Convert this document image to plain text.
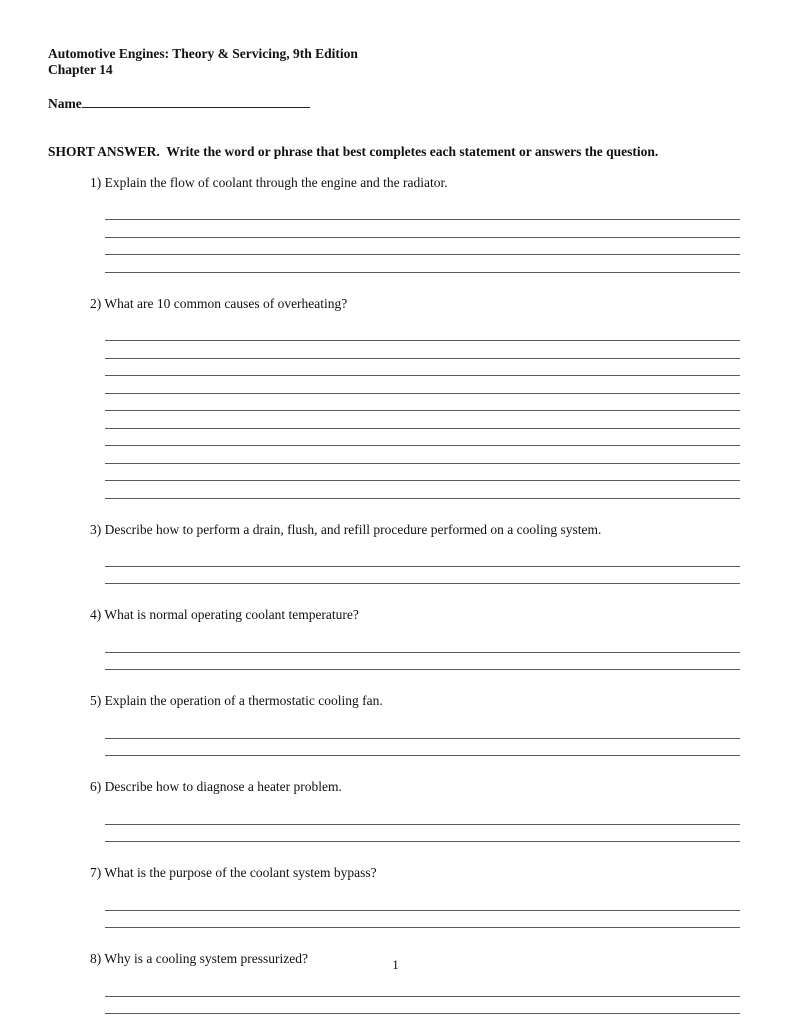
Automotive Engines: Theory & Servicing, 9th Edition

Chapter 14

Name

SHORT ANSWER.  Write the word or phrase that best completes each statement or answers the question.

1) Explain the flow of coolant through the engine and the radiator.

2) What are 10 common causes of overheating?

3) Describe how to perform a drain, flush, and refill procedure performed on a cooling system.

4) What is normal operating coolant temperature?

5) Explain the operation of a thermostatic cooling fan.

6) Describe how to diagnose a heater problem.

7) What is the purpose of the coolant system bypass?

8) Why is a cooling system pressurized?	1
